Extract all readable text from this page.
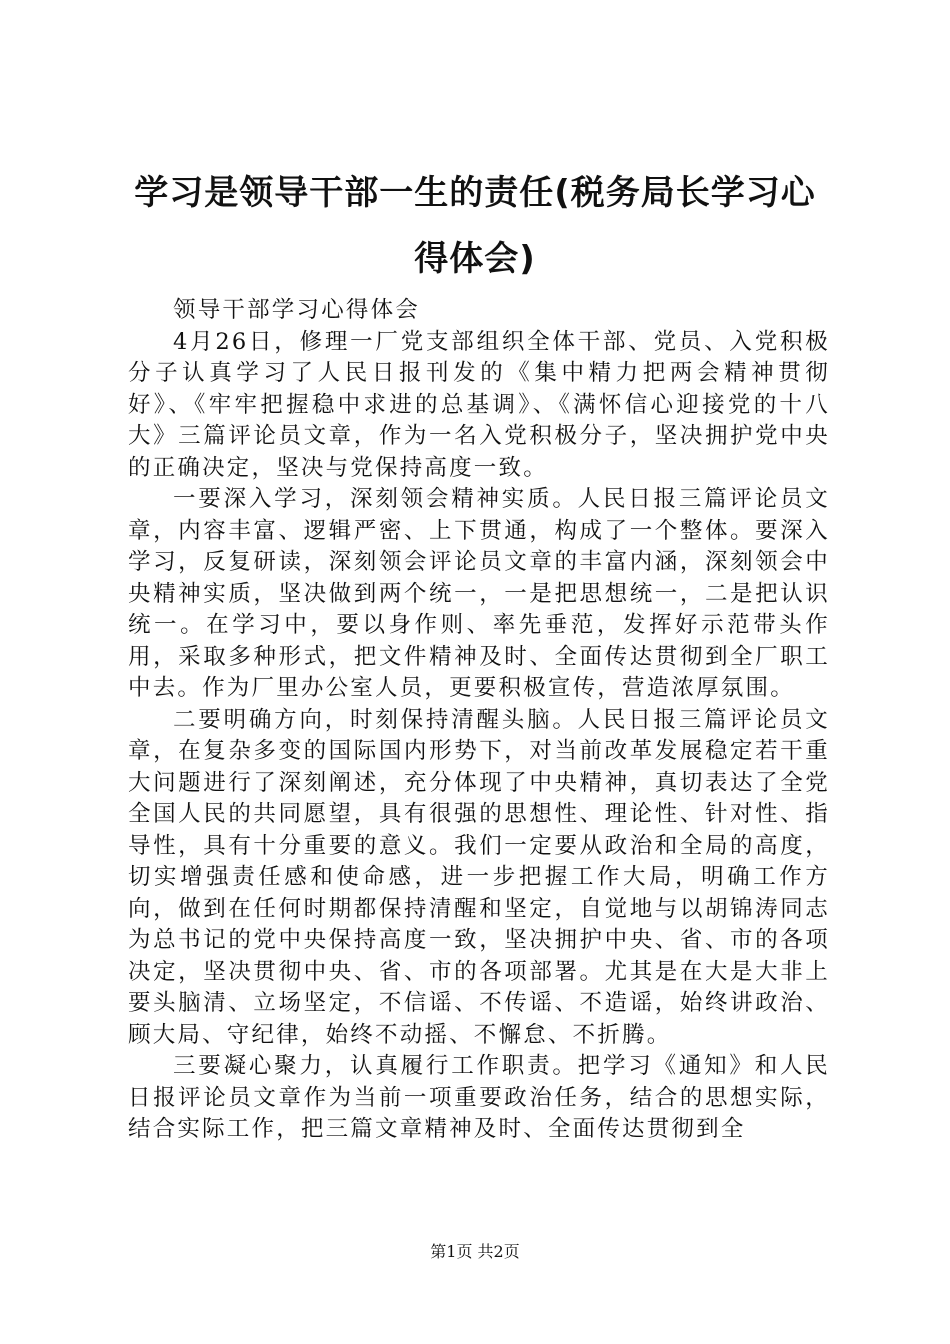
学习是领导干部一生的责任(税务局长学习心得体会)

领导干部学习心得体会

4月26日，修理一厂党支部组织全体干部、党员、入党积极分子认真学习了人民日报刊发的《集中精力把两会精神贯彻好》、《牢牢把握稳中求进的总基调》、《满怀信心迎接党的十八大》三篇评论员文章，作为一名入党积极分子，坚决拥护党中央的正确决定，坚决与党保持高度一致。

一要深入学习，深刻领会精神实质。人民日报三篇评论员文章，内容丰富、逻辑严密、上下贯通，构成了一个整体。要深入学习，反复研读，深刻领会评论员文章的丰富内涵，深刻领会中央精神实质，坚决做到两个统一，一是把思想统一，二是把认识统一。在学习中，要以身作则、率先垂范，发挥好示范带头作用，采取多种形式，把文件精神及时、全面传达贯彻到全厂职工中去。作为厂里办公室人员，更要积极宣传，营造浓厚氛围。

二要明确方向，时刻保持清醒头脑。人民日报三篇评论员文章，在复杂多变的国际国内形势下，对当前改革发展稳定若干重大问题进行了深刻阐述，充分体现了中央精神，真切表达了全党全国人民的共同愿望，具有很强的思想性、理论性、针对性、指导性，具有十分重要的意义。我们一定要从政治和全局的高度，切实增强责任感和使命感，进一步把握工作大局，明确工作方向，做到在任何时期都保持清醒和坚定，自觉地与以胡锦涛同志为总书记的党中央保持高度一致，坚决拥护中央、省、市的各项决定，坚决贯彻中央、省、市的各项部署。尤其是在大是大非上要头脑清、立场坚定，不信谣、不传谣、不造谣，始终讲政治、顾大局、守纪律，始终不动摇、不懈怠、不折腾。

三要凝心聚力，认真履行工作职责。把学习《通知》和人民日报评论员文章作为当前一项重要政治任务，结合的思想实际，结合实际工作，把三篇文章精神及时、全面传达贯彻到全

第1页 共2页
